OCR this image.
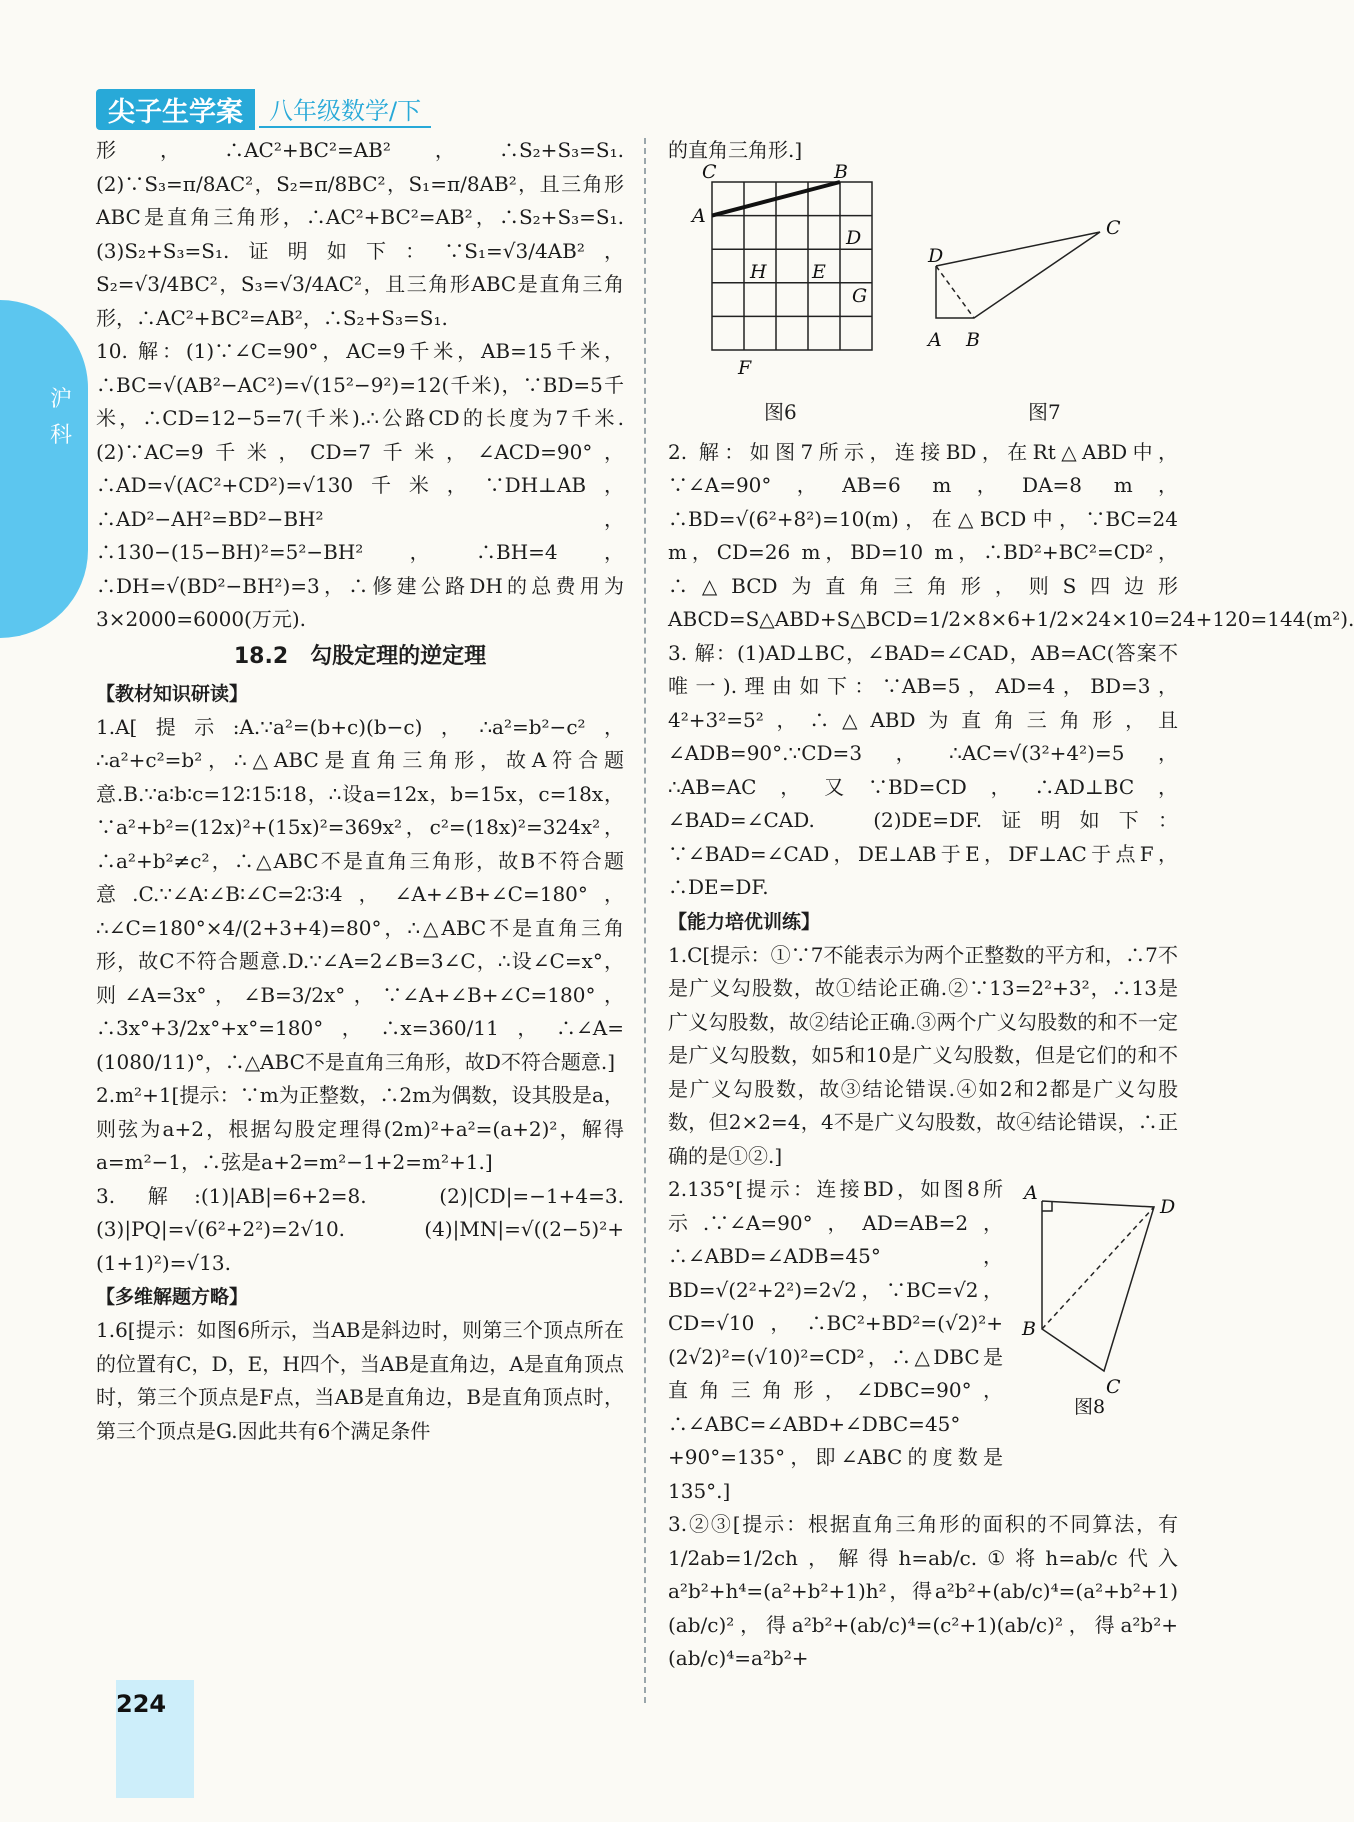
尖子生学案	八年级数学/下
沪
科

形，∴AC²+BC²=AB²，∴S₂+S₃=S₁.　(2)∵S₃=π/8AC²，S₂=π/8BC²，S₁=π/8AB²，且三角形ABC是直角三角形，∴AC²+BC²=AB²，∴S₂+S₃=S₁.　(3)S₂+S₃=S₁.证明如下：∵S₁=√3/4AB²，S₂=√3/4BC²，S₃=√3/4AC²，且三角形ABC是直角三角形，∴AC²+BC²=AB²，∴S₂+S₃=S₁.

10. 解：(1)∵∠C=90°，AC=9千米，AB=15千米，∴BC=√(AB²−AC²)=√(15²−9²)=12(千米)，∵BD=5千米，∴CD=12−5=7(千米).∴公路CD的长度为7千米.　(2)∵AC=9千米，CD=7千米，∠ACD=90°，∴AD=√(AC²+CD²)=√130千米，∵DH⊥AB，∴AD²−AH²=BD²−BH²，∴130−(15−BH)²=5²−BH²，∴BH=4，∴DH=√(BD²−BH²)=3，∴修建公路DH的总费用为3×2000=6000(万元).

18.2　勾股定理的逆定理
【教材知识研读】

1.A[提示:A.∵a²=(b+c)(b−c)，∴a²=b²−c²，∴a²+c²=b²，∴△ABC是直角三角形，故A符合题意.B.∵a∶b∶c=12∶15∶18，∴设a=12x，b=15x，c=18x，∵a²+b²=(12x)²+(15x)²=369x²，c²=(18x)²=324x²，∴a²+b²≠c²，∴△ABC不是直角三角形，故B不符合题意.C.∵∠A∶∠B∶∠C=2∶3∶4，∠A+∠B+∠C=180°，∴∠C=180°×4/(2+3+4)=80°，∴△ABC不是直角三角形，故C不符合题意.D.∵∠A=2∠B=3∠C，∴设∠C=x°，则∠A=3x°，∠B=3/2x°，∵∠A+∠B+∠C=180°，∴3x°+3/2x°+x°=180°，∴x=360/11，∴∠A=(1080/11)°，∴△ABC不是直角三角形，故D不符合题意.]

2.m²+1[提示：∵m为正整数，∴2m为偶数，设其股是a，则弦为a+2，根据勾股定理得(2m)²+a²=(a+2)²，解得a=m²−1，∴弦是a+2=m²−1+2=m²+1.]

3. 解:(1)|AB|=6+2=8.　(2)|CD|=−1+4=3.　(3)|PQ|=√(6²+2²)=2√10.　(4)|MN|=√((2−5)²+(1+1)²)=√13.

【多维解题方略】

1.6[提示：如图6所示，当AB是斜边时，则第三个顶点所在的位置有C，D，E，H四个，当AB是直角边，A是直角顶点时，第三个顶点是F点，当AB是直角边，B是直角顶点时，第三个顶点是G.因此共有6个满足条件

的直角三角形.]

C	B
A
D
H E
G
F
D
C
A B
图6	图7

2. 解：如图7所示，连接BD，在Rt△ABD中，∵∠A=90°，AB=6 m，DA=8 m，∴BD=√(6²+8²)=10(m)，在△BCD中，∵BC=24 m，CD=26 m，BD=10 m，∴BD²+BC²=CD²，∴△BCD为直角三角形，则S四边形ABCD=S△ABD+S△BCD=1/2×8×6+1/2×24×10=24+120=144(m²).

3. 解：(1)AD⊥BC，∠BAD=∠CAD，AB=AC(答案不唯一).理由如下：∵AB=5，AD=4，BD=3，4²+3²=5²，∴△ABD为直角三角形，且∠ADB=90°.∵CD=3，∴AC=√(3²+4²)=5，∴AB=AC，又∵BD=CD，∴AD⊥BC，∠BAD=∠CAD.　(2)DE=DF.证明如下：∵∠BAD=∠CAD，DE⊥AB于E，DF⊥AC于点F，∴DE=DF.

【能力培优训练】

1.C[提示：①∵7不能表示为两个正整数的平方和，∴7不是广义勾股数，故①结论正确.②∵13=2²+3²，∴13是广义勾股数，故②结论正确.③两个广义勾股数的和不一定是广义勾股数，如5和10是广义勾股数，但是它们的和不是广义勾股数，故③结论错误.④如2和2都是广义勾股数，但2×2=4，4不是广义勾股数，故④结论错误，∴正确的是①②.]

A
D
B
C
图8

2.135°[提示：连接BD，如图8所示.∵∠A=90°，AD=AB=2，∴∠ABD=∠ADB=45°，BD=√(2²+2²)=2√2，∵BC=√2，CD=√10，∴BC²+BD²=(√2)²+(2√2)²=(√10)²=CD²，∴△DBC是直角三角形，∠DBC=90°，∴∠ABC=∠ABD+∠DBC=45°+90°=135°，即∠ABC的度数是135°.]

3.②③[提示：根据直角三角形的面积的不同算法，有1/2ab=1/2ch，解得h=ab/c.①将h=ab/c代入a²b²+h⁴=(a²+b²+1)h²，得a²b²+(ab/c)⁴=(a²+b²+1)(ab/c)²，得a²b²+(ab/c)⁴=(c²+1)(ab/c)²，得a²b²+(ab/c)⁴=a²b²+

224
